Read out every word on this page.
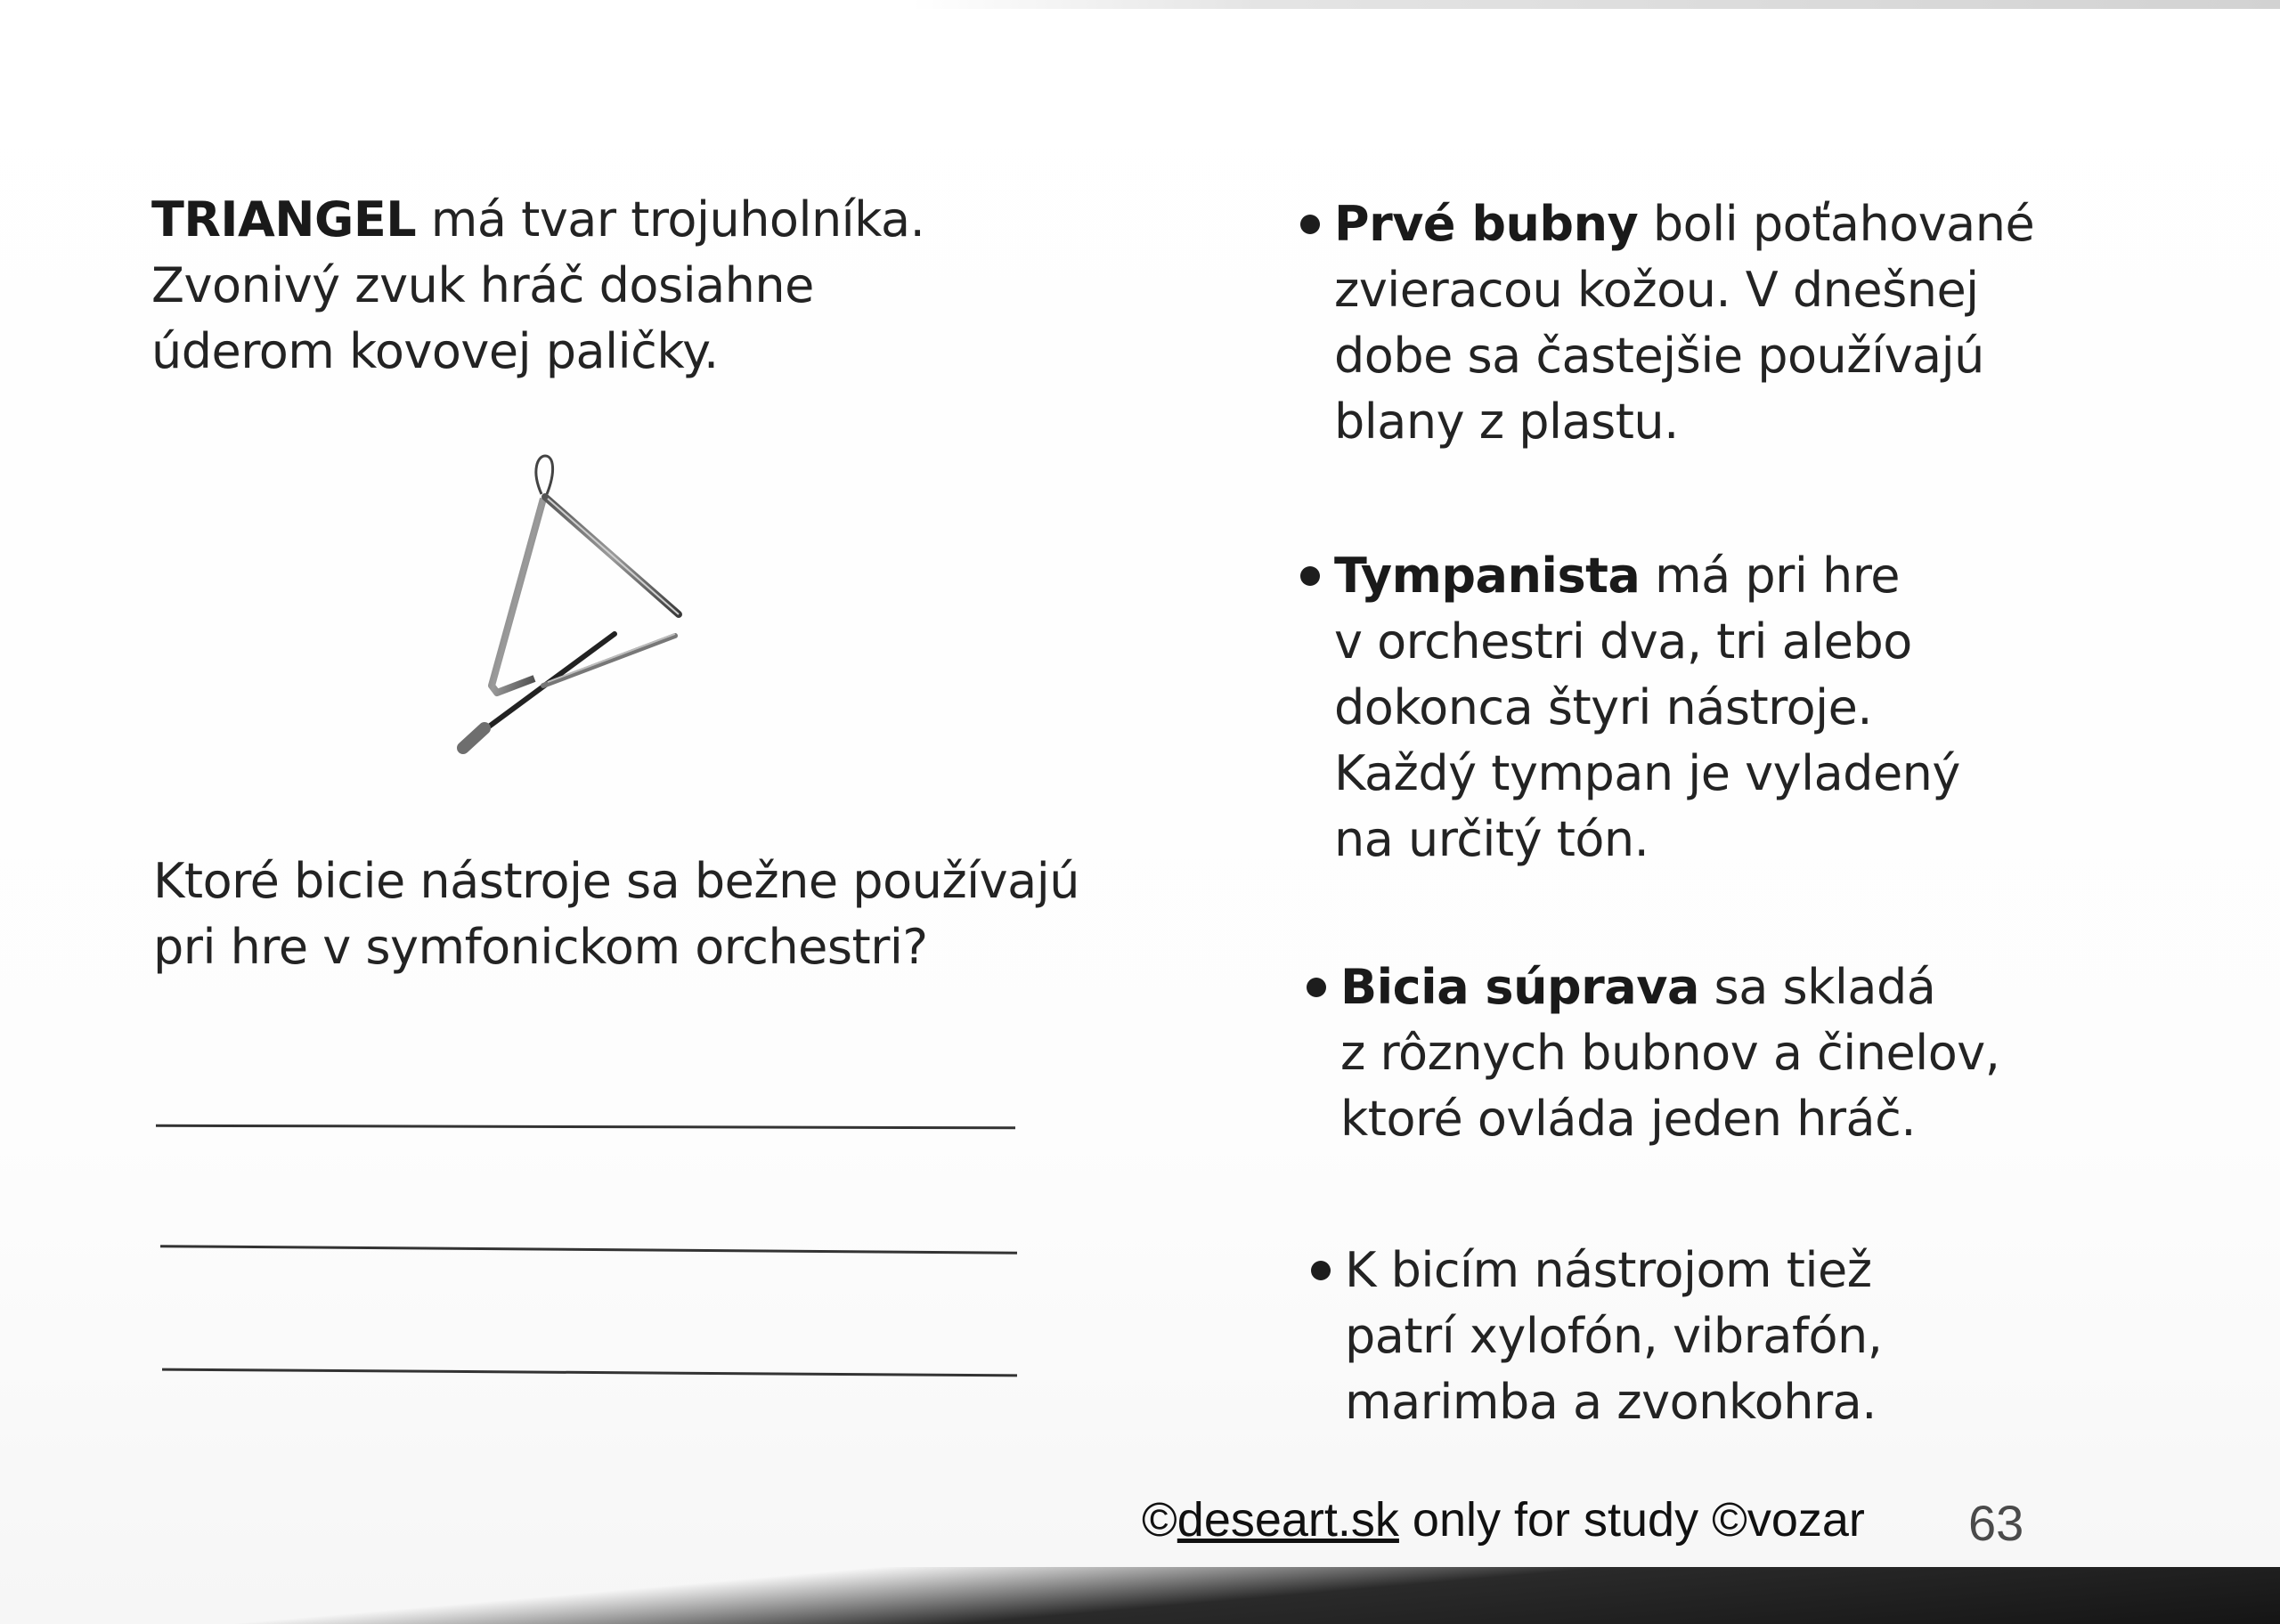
TRIANGEL má tvar trojuholníka.
Zvonivý zvuk hráč dosiahne
úderom kovovej paličky.
Ktoré bicie nástroje sa bežne používajú
pri hre v symfonickom orchestri?
Prvé bubny boli poťahované
zvieracou kožou. V dnešnej
dobe sa častejšie používajú
blany z plastu.
Tympanista má pri hre
v orchestri dva, tri alebo
dokonca štyri nástroje.
Každý tympan je vyladený
na určitý tón.
Bicia súprava sa skladá
z rôznych bubnov a činelov,
ktoré ovláda jeden hráč.
K bicím nástrojom tiež
patrí xylofón, vibrafón,
marimba a zvonkohra.
©deseart.sk only for study ©vozar 63
